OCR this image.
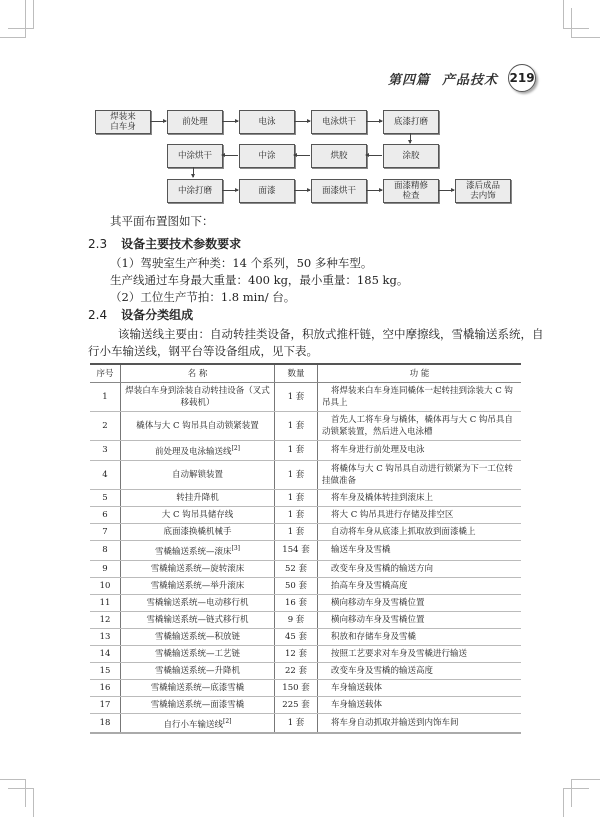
第四篇 产品技术 219
焊装来
白车身	前处理	电泳	电泳烘干	底漆打磨
中涂烘干	中涂	烘胶	涂胶
中涂打磨	面漆	面漆烘干	面漆精修
检查
漆后成品
去内饰
其平面布置图如下：
2.3 设备主要技术参数要求
（1）驾驶室生产种类：14 个系列，50 多种车型。
生产线通过车身最大重量：400 kg，最小重量：185 kg。
（2）工位生产节拍：1.8 min/ 台。
2.4 设备分类组成
该输送线主要由：自动转挂类设备，积放式推杆链，空中摩擦线，雪橇输送系统，自
行小车输送线，钢平台等设备组成，见下表。
序号	名 称	数量	功 能
1	焊装白车身到涂装自动转挂设备（叉式移载机）	1 套	将焊装来白车身连同橇体一起转挂到涂装大 C 钩吊具上
2	橇体与大 C 钩吊具自动锁紧装置	1 套	首先人工将车身与橇体，橇体再与大 C 钩吊具自动锁紧装置，然后进入电泳槽
3	前处理及电泳输送线[2]	1 套	将车身进行前处理及电泳
4	自动解锁装置	1 套	将橇体与大 C 钩吊具自动进行锁紧为下一工位转挂做准备
5	转挂升降机	1 套	将车身及橇体转挂到滚床上
6	大 C 钩吊具储存线	1 套	将大 C 钩吊具进行存储及排空区
7	底面漆换橇机械手	1 套	自动将车身从底漆上抓取放到面漆橇上
8	雪橇输送系统—滚床[3]	154 套	输送车身及雪橇
9	雪橇输送系统—旋转滚床	52 套	改变车身及雪橇的输送方向
10	雪橇输送系统—举升滚床	50 套	抬高车身及雪橇高度
11	雪橇输送系统—电动移行机	16 套	横向移动车身及雪橇位置
12	雪橇输送系统—链式移行机	9 套	横向移动车身及雪橇位置
13	雪橇输送系统—积放链	45 套	积放和存储车身及雪橇
14	雪橇输送系统—工艺链	12 套	按照工艺要求对车身及雪橇进行输送
15	雪橇输送系统—升降机	22 套	改变车身及雪橇的输送高度
16	雪橇输送系统—底漆雪橇	150 套	车身输送载体
17	雪橇输送系统—面漆雪橇	225 套	车身输送载体
18	自行小车输送线[2]	1 套	将车身自动抓取并输送到内饰车间
